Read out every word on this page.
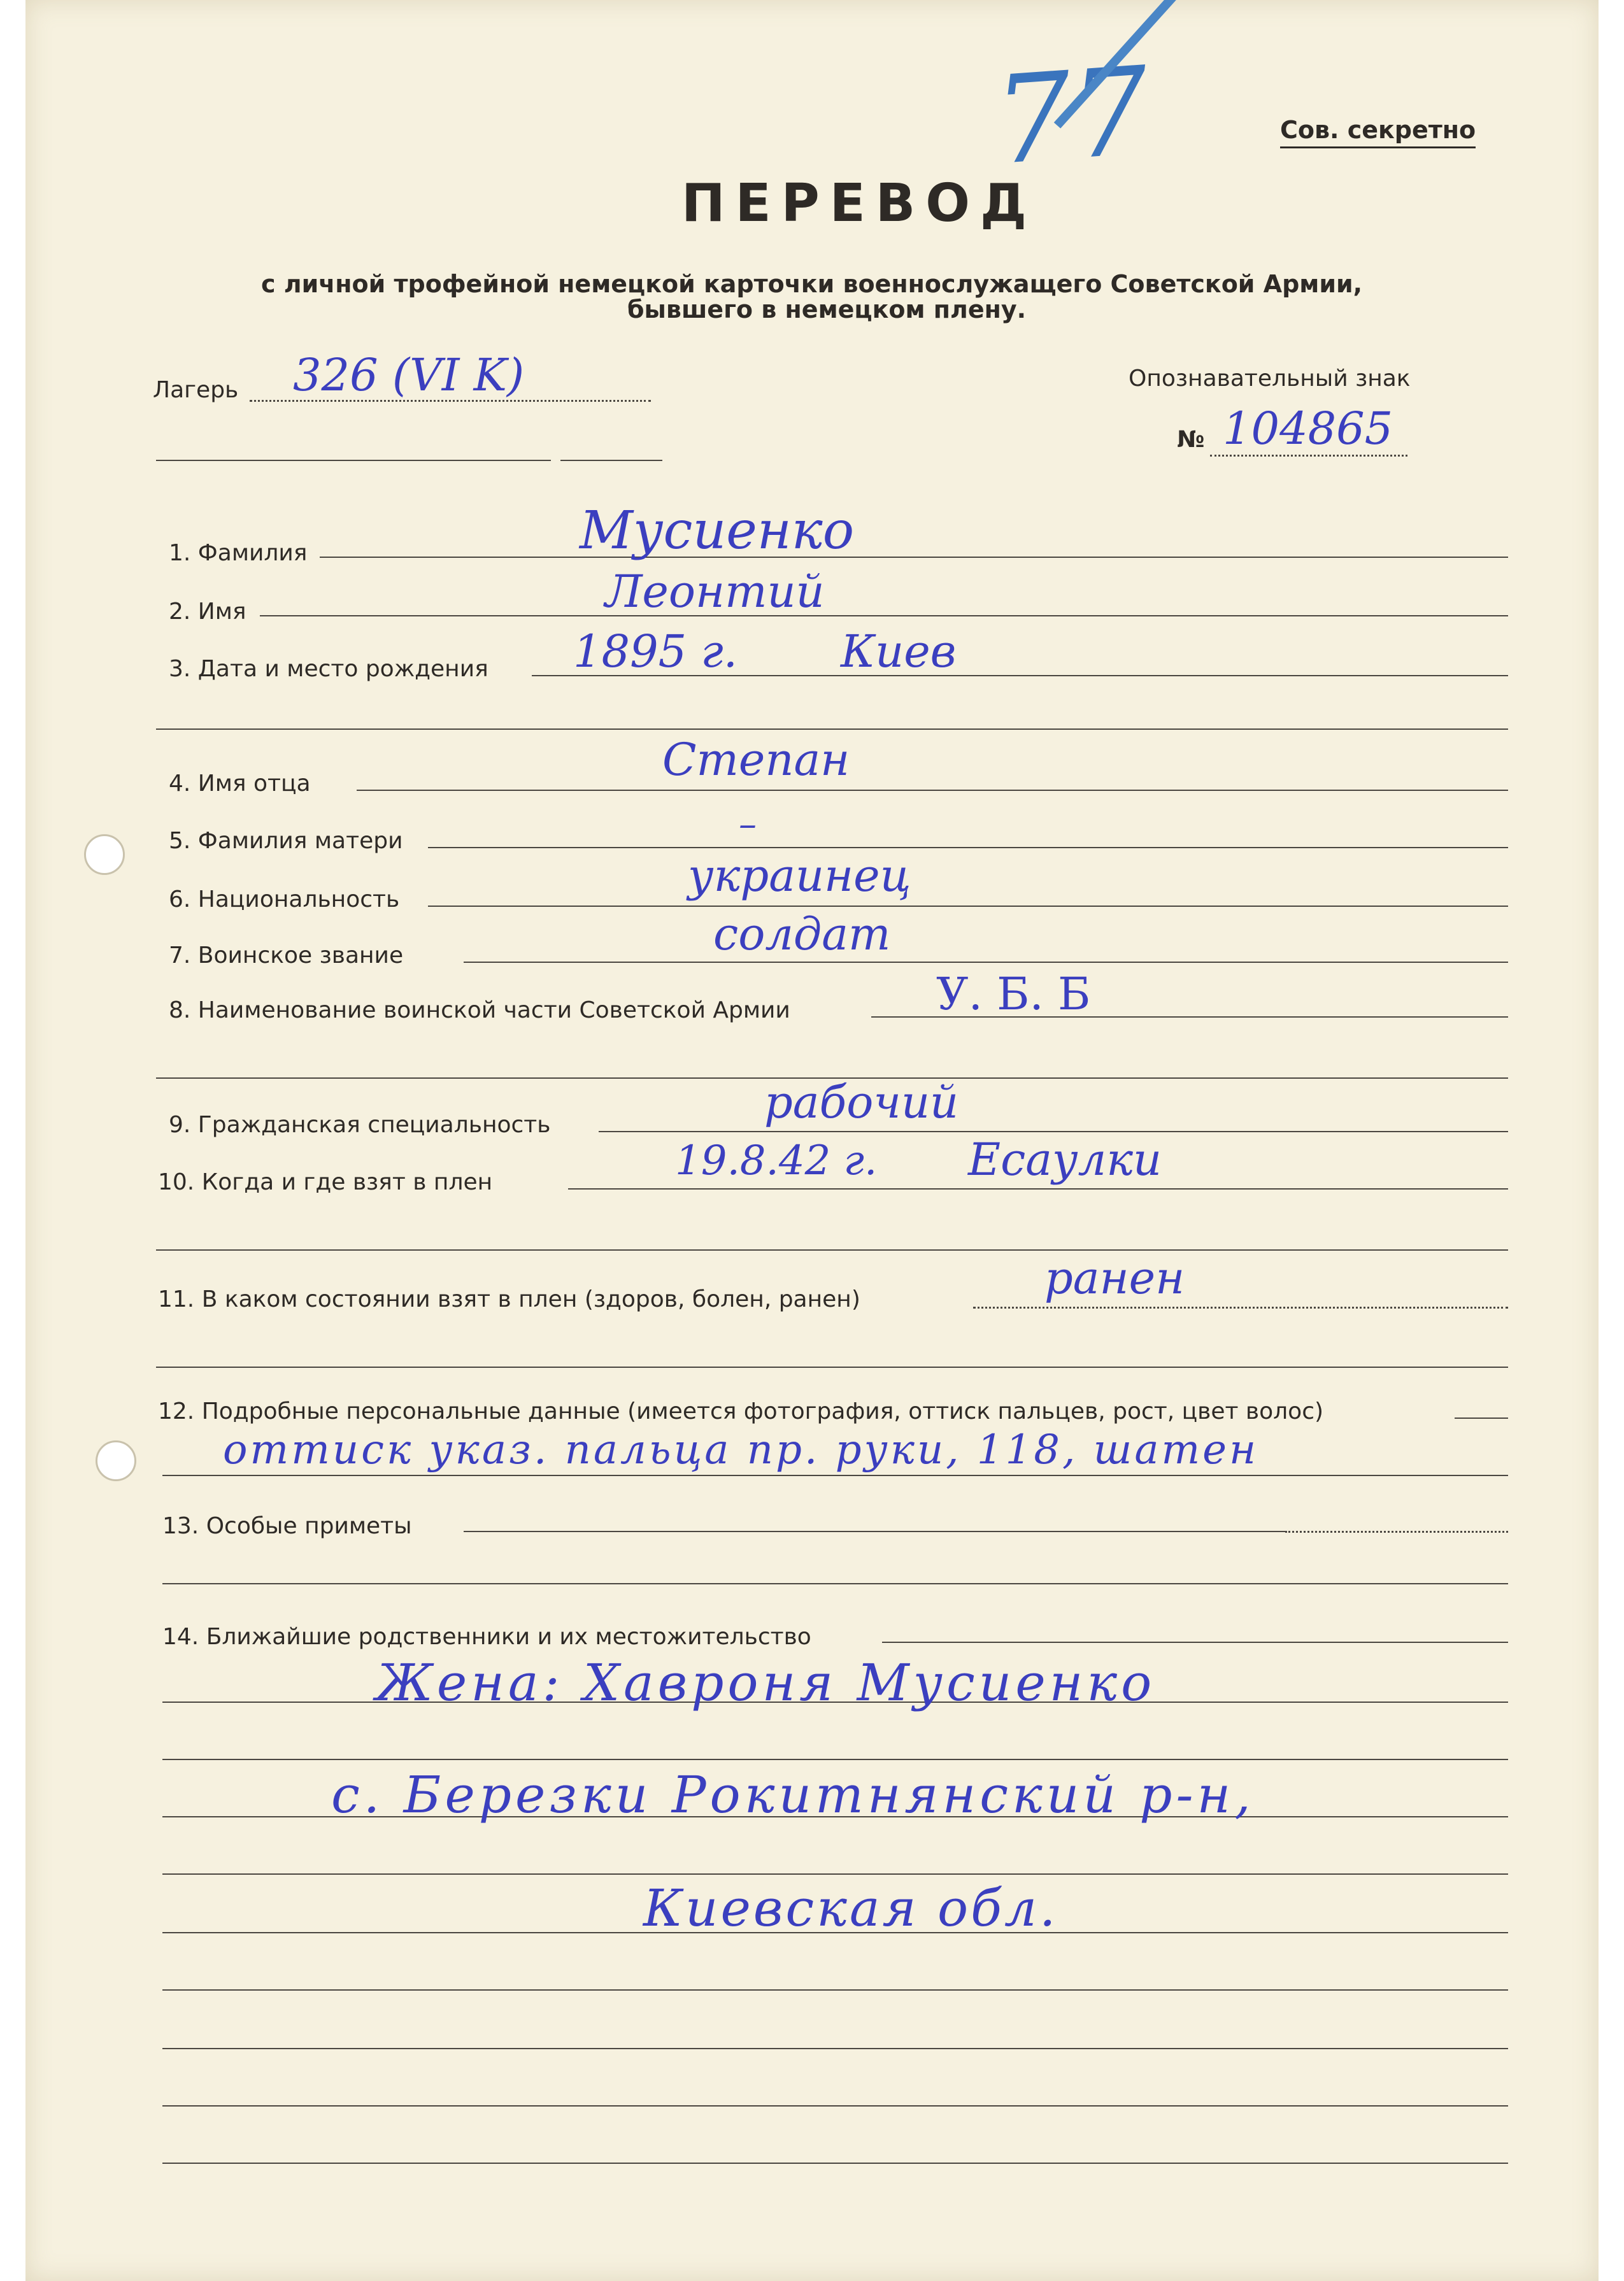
Сов. секретно
77
ПЕРЕВОД
с личной трофейной немецкой карточки военнослужащего Советской Армии,
бывшего в немецком плену.
Лагерь 326 (VI K)	Опознавательный знак
№ 104865
1. Фамилия	Мусиенко
2. Имя	Леонтий
3. Дата и место рождения 1895 г. Киев
4. Имя отца	Степан
5. Фамилия матери	–
6. Национальность	украинец
7. Воинское звание	солдат
8. Наименование воинской части Советской Армии	У. Б. Б
9. Гражданская специальность	рабочий
10. Когда и где взят в плен	19.8.42 г. Есаулки
11. В каком состоянии взят в плен (здоров, болен, ранен)	ранен
12. Подробные персональные данные (имеется фотография, оттиск пальцев, рост, цвет волос)
оттиск указ. пальца пр. руки, 118, шатен
13. Особые приметы
14. Ближайшие родственники и их местожительство
Жена: Хавроня Мусиенко
с. Березки Рокитнянский р-н,
Киевская обл.
